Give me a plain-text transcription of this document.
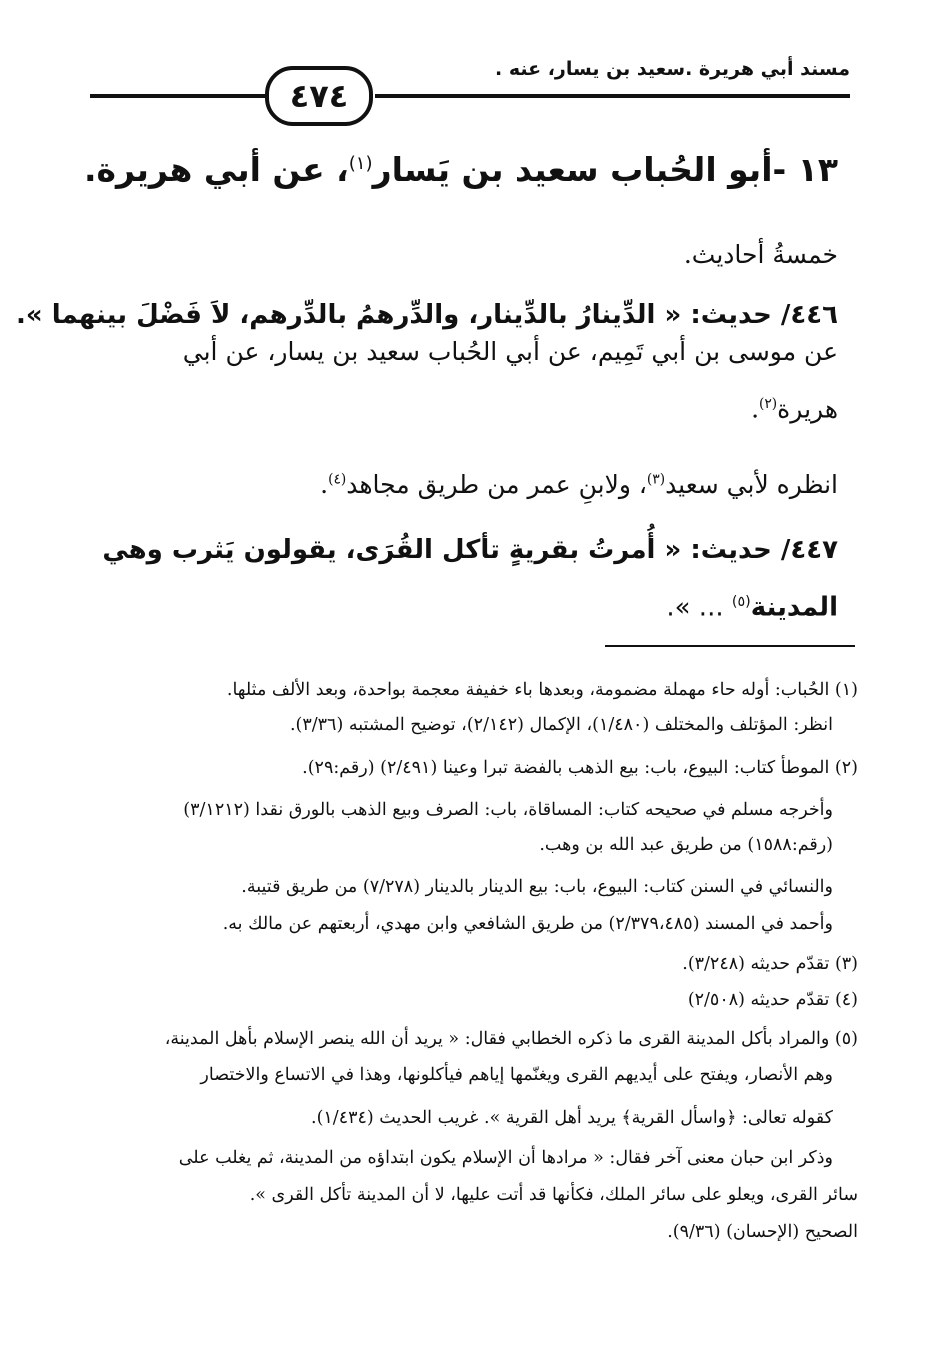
مسند أبي هريرة .سعيد بن يسار، عنه .
٤٧٤
١٣ -أبو الحُباب سعيد بن يَسار$^{(١)}$، عن أبي هريرة.
خمسةُ أحاديث.
٤٤٦/ حديث: « الدِّينارُ بالدِّينار، والدِّرهمُ بالدِّرهم، لاَ فَضْلَ بينهما ».
عن موسى بن أبي تَمِيم، عن أبي الحُباب سعيد بن يسار، عن أبي
هريرة$^{(٢)}$.
انظره لأبي سعيد$^{(٣)}$، ولابنِ عمر من طريق مجاهد$^{(٤)}$.
٤٤٧/ حديث: « أُمرتُ بقريةٍ تأكل القُرَى، يقولون يَثرب وهي
المدينة$^{(٥)}$ ... ».
(١) الحُباب: أوله حاء مهملة مضمومة، وبعدها باء خفيفة معجمة بواحدة، وبعد الألف مثلها.
انظر: المؤتلف والمختلف (١/٤٨٠)، الإكمال (٢/١٤٢)، توضيح المشتبه (٣/٣٦).
(٢) الموطأ كتاب: البيوع، باب: بيع الذهب بالفضة تبرا وعينا (٢/٤٩١) (رقم:٢٩).
وأخرجه مسلم في صحيحه كتاب: المساقاة، باب: الصرف وبيع الذهب بالورق نقدا (٣/١٢١٢)
(رقم:١٥٨٨) من طريق عبد الله بن وهب.
والنسائي في السنن كتاب: البيوع، باب: بيع الدينار بالدينار (٧/٢٧٨) من طريق قتيبة.
وأحمد في المسند (٢/٣٧٩،٤٨٥) من طريق الشافعي وابن مهدي، أربعتهم عن مالك به.
(٣) تقدّم حديثه (٣/٢٤٨).
(٤) تقدّم حديثه (٢/٥٠٨)
(٥) والمراد بأكل المدينة القرى ما ذكره الخطابي فقال: « يريد أن الله ينصر الإسلام بأهل المدينة،
وهم الأنصار، ويفتح على أيديهم القرى ويغنّمها إياهم فيأكلونها، وهذا في الاتساع والاختصار
كقوله تعالى: ﴿واسأل القرية﴾ يريد أهل القرية ». غريب الحديث (١/٤٣٤).
وذكر ابن حبان معنى آخر فقال: « مرادها أن الإسلام يكون ابتداؤه من المدينة، ثم يغلب على
سائر القرى، ويعلو على سائر الملك، فكأنها قد أتت عليها، لا أن المدينة تأكل القرى ».
الصحيح (الإحسان) (٩/٣٦).
